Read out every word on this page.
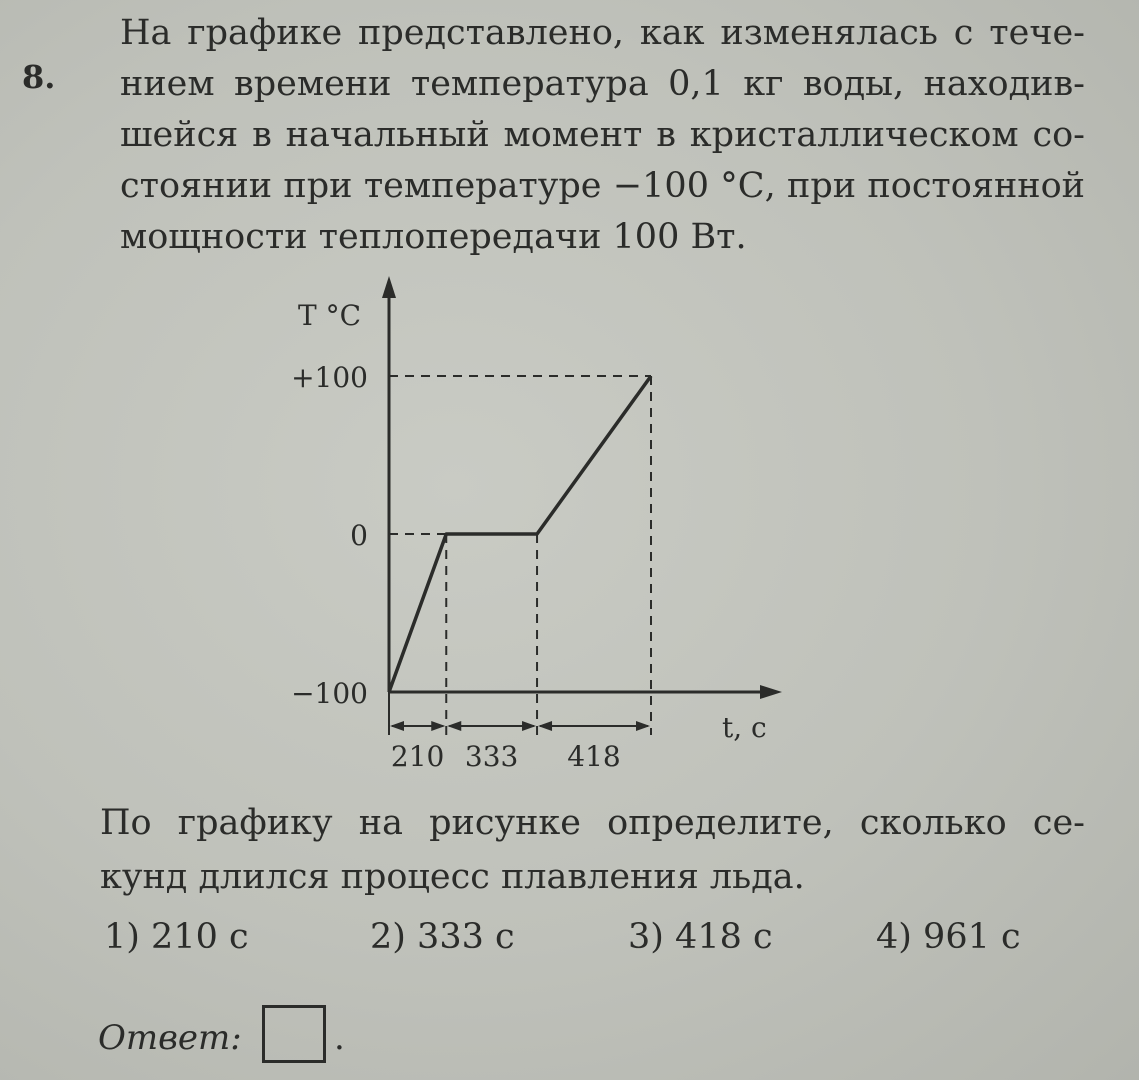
8.

На графике представлено, как изменялась с тече-
нием времени температура 0,1 кг воды, находив-
шейся в начальный момент в кристаллическом со-
стоянии при температуре −100 °С, при постоянной
мощности теплопередачи 100 Вт.

T °С
t, с
+100
0
−100
210 333 418

По графику на рисунке определите, сколько се-
кунд длился процесс плавления льда.

1) 210 с	2) 333 с	3) 418 с	4) 961 с
Ответ:	.
